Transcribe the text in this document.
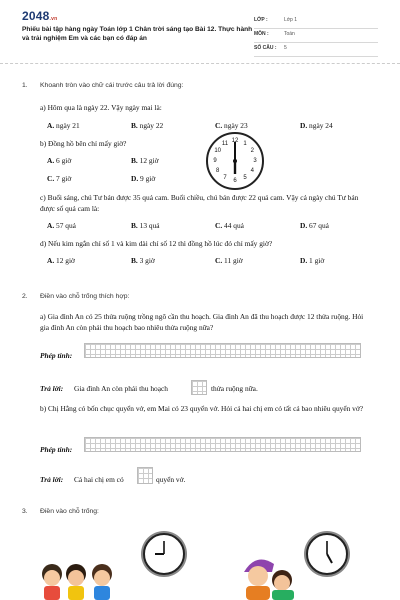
2048.vn
Phiếu bài tập hàng ngày Toán lớp 1 Chân trời sáng tạo Bài 12. Thực hành và trải nghiệm Em và các bạn có đáp án
LỚP :	Lớp 1
MÔN :	Toán
SỐ CÂU : 5
1. Khoanh tròn vào chữ cái trước câu trả lời đúng:
a) Hôm qua là ngày 22. Vậy ngày mai là:
A. ngày 21	B. ngày 22	C. ngày 23	D. ngày 24
b) Đồng hồ bên chỉ mấy giờ?
A. 6 giờ	B. 12 giờ
C. 7 giờ	D. 9 giờ
12 1
2
3
4
5
6
7
8
9
10
11
c) Buổi sáng, chú Tư bán được 35 quả cam. Buổi chiều, chú bán được 22 quả cam. Vậy cả ngày chú Tư bán được số quả cam là:
A. 57 quả	B. 13 quả	C. 44 quả	D. 67 quả
d) Nếu kim ngắn chỉ số 1 và kim dài chỉ số 12 thì đồng hồ lúc đó chỉ mấy giờ?
A. 12 giờ	B. 3 giờ	C. 11 giờ	D. 1 giờ
2. Điền vào chỗ trống thích hợp:
a) Gia đình An có 25 thửa ruộng trồng ngô cần thu hoạch. Gia đình An đã thu hoạch được 12 thửa ruộng. Hỏi gia đình An còn phải thu hoạch bao nhiêu thửa ruộng nữa?
Phép tính:
Trả lời: Gia đình An còn phải thu hoạch	thửa ruộng nữa.
b) Chị Hằng có bốn chục quyển vở, em Mai có 23 quyển vở. Hỏi cả hai chị em có tất cả bao nhiêu quyển vở?
Phép tính:
Trả lời: Cả hai chị em có	quyển vở.
3. Điền vào chỗ trống:
